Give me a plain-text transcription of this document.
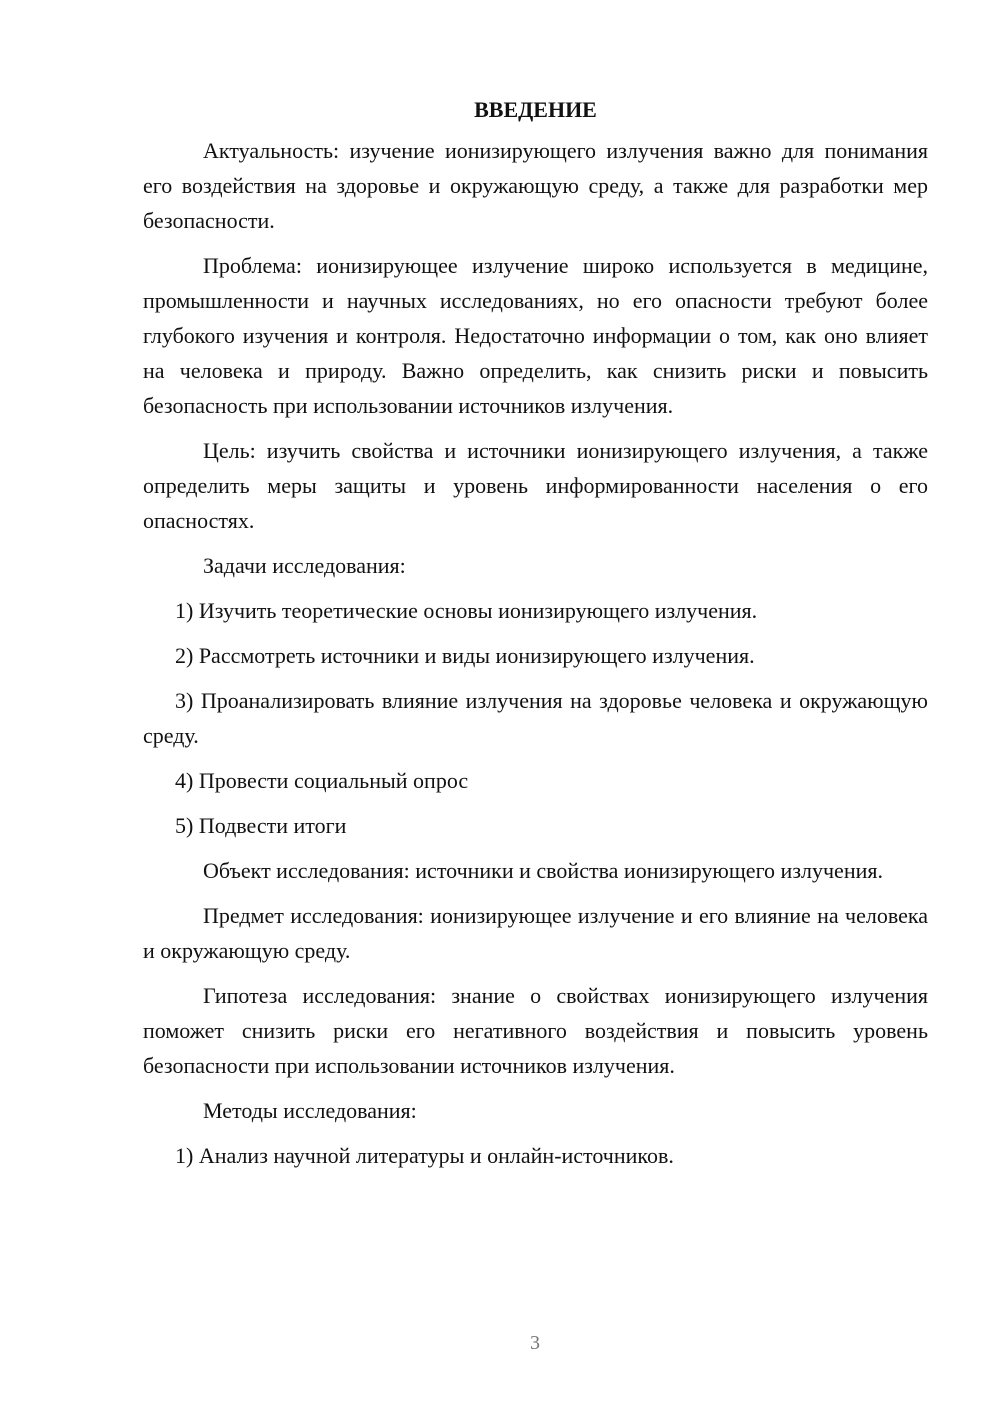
ВВЕДЕНИЕ

Актуальность: изучение ионизирующего излучения важно для понимания его воздействия на здоровье и окружающую среду, а также для разработки мер безопасности.

Проблема: ионизирующее излучение широко используется в медицине, промышленности и научных исследованиях, но его опасности требуют более глубокого изучения и контроля. Недостаточно информации о том, как оно влияет на человека и природу. Важно определить, как снизить риски и повысить безопасность при использовании источников излучения.

Цель: изучить свойства и источники ионизирующего излучения, а также определить меры защиты и уровень информированности населения о его опасностях.

Задачи исследования:

1) Изучить теоретические основы ионизирующего излучения.

2) Рассмотреть источники и виды ионизирующего излучения.

3) Проанализировать влияние излучения на здоровье человека и окружающую среду.

4) Провести социальный опрос

5) Подвести итоги

Объект исследования: источники и свойства ионизирующего излучения.

Предмет исследования: ионизирующее излучение и его влияние на человека и окружающую среду.

Гипотеза исследования: знание о свойствах ионизирующего излучения поможет снизить риски его негативного воздействия и повысить уровень безопасности при использовании источников излучения.

Методы исследования:

1) Анализ научной литературы и онлайн-источников.

3
